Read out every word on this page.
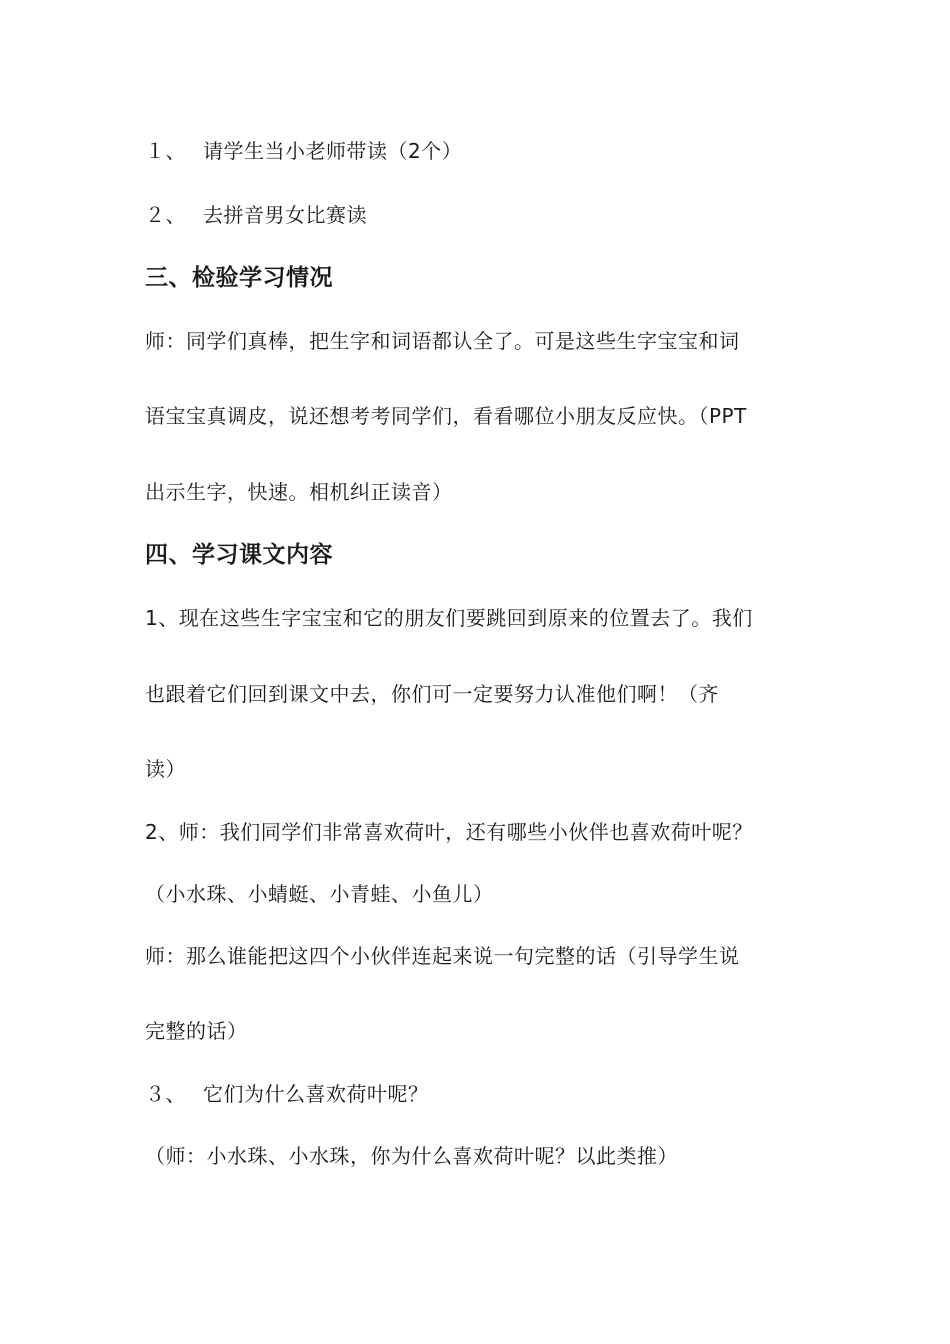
１、 请学生当小老师带读（2个）
２、 去拼音男女比赛读
三、检验学习情况
师：同学们真棒，把生字和词语都认全了。可是这些生字宝宝和词
语宝宝真调皮，说还想考考同学们，看看哪位小朋友反应快。（PPT
出示生字，快速。相机纠正读音）
四、学习课文内容
1、现在这些生字宝宝和它的朋友们要跳回到原来的位置去了。我们
也跟着它们回到课文中去，你们可一定要努力认准他们啊！（齐
读）
2、师：我们同学们非常喜欢荷叶，还有哪些小伙伴也喜欢荷叶呢？
（小水珠、小蜻蜓、小青蛙、小鱼儿）
师：那么谁能把这四个小伙伴连起来说一句完整的话（引导学生说
完整的话）
３、 它们为什么喜欢荷叶呢？
（师：小水珠、小水珠，你为什么喜欢荷叶呢？以此类推）
